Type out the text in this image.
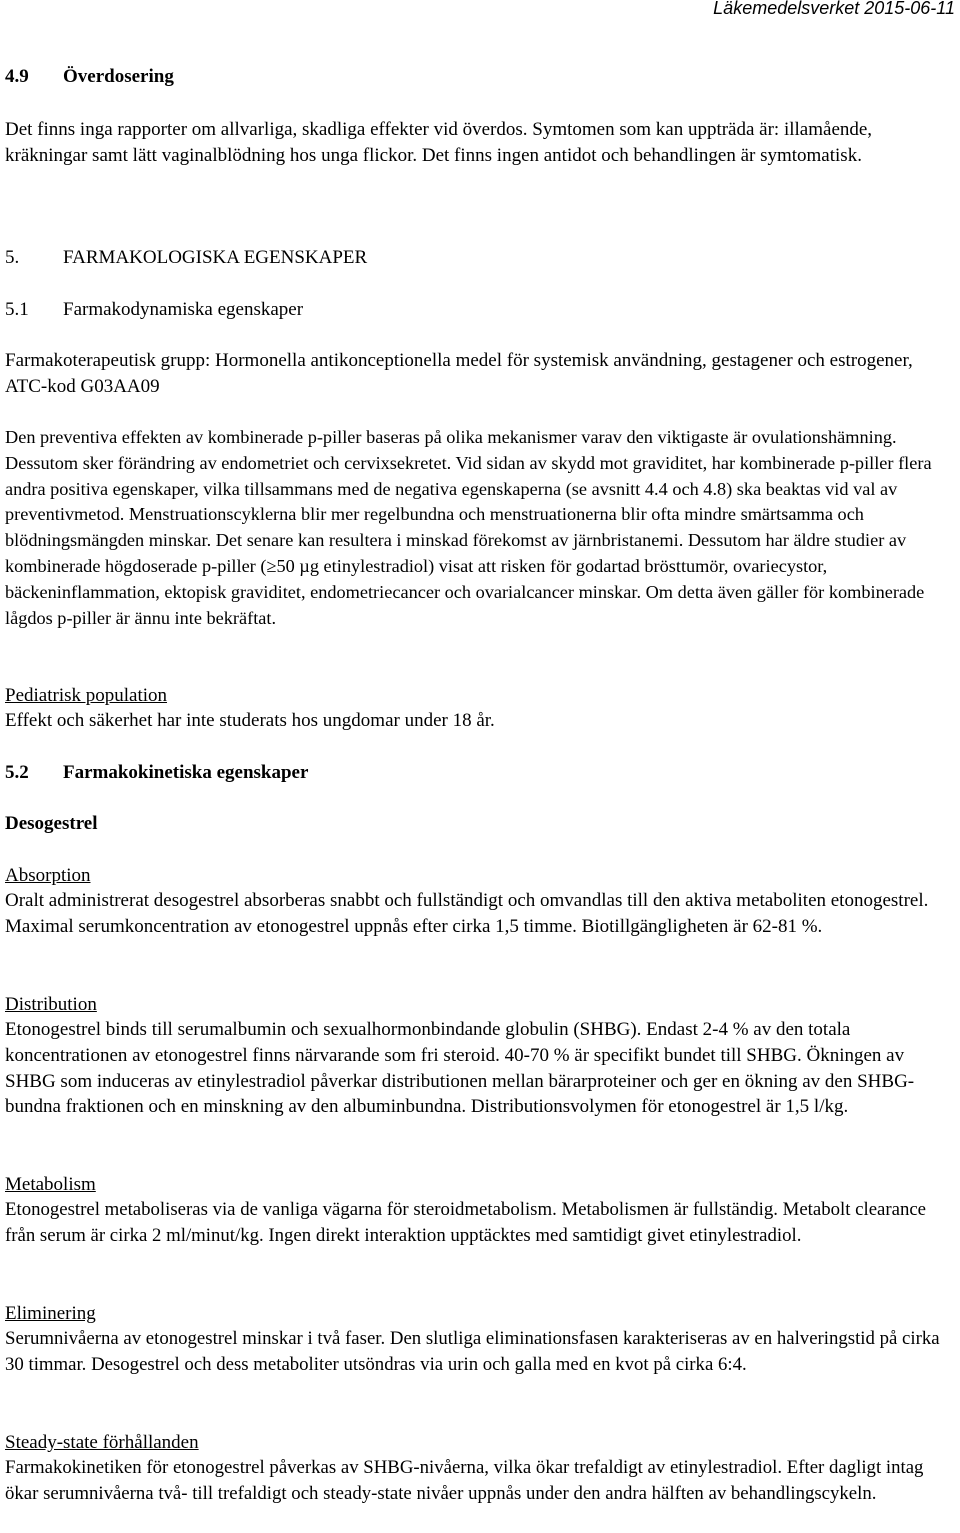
Läkemedelsverket 2015-06-11
4.9 Överdosering
Det finns inga rapporter om allvarliga, skadliga effekter vid överdos. Symtomen som kan uppträda är: illamående, kräkningar samt lätt vaginalblödning hos unga flickor. Det finns ingen antidot och behandlingen är symtomatisk.
5. FARMAKOLOGISKA EGENSKAPER
5.1 Farmakodynamiska egenskaper
Farmakoterapeutisk grupp: Hormonella antikonceptionella medel för systemisk användning, gestagener och estrogener, ATC-kod G03AA09
Den preventiva effekten av kombinerade p-piller baseras på olika mekanismer varav den viktigaste är ovulationshämning. Dessutom sker förändring av endometriet och cervixsekretet. Vid sidan av skydd mot graviditet, har kombinerade p-piller flera andra positiva egenskaper, vilka tillsammans med de negativa egenskaperna (se avsnitt 4.4 och 4.8) ska beaktas vid val av preventivmetod. Menstruationscyklerna blir mer regelbundna och menstruationerna blir ofta mindre smärtsamma och blödningsmängden minskar. Det senare kan resultera i minskad förekomst av järnbristanemi. Dessutom har äldre studier av kombinerade högdoserade p-piller (≥50 µg etinylestradiol) visat att risken för godartad brösttumör, ovariecystor, bäckeninflammation, ektopisk graviditet, endometriecancer och ovarialcancer minskar. Om detta även gäller för kombinerade lågdos p-piller är ännu inte bekräftat.
Pediatrisk population
Effekt och säkerhet har inte studerats hos ungdomar under 18 år.
5.2 Farmakokinetiska egenskaper
Desogestrel
Absorption
Oralt administrerat desogestrel absorberas snabbt och fullständigt och omvandlas till den aktiva metaboliten etonogestrel. Maximal serumkoncentration av etonogestrel uppnås efter cirka 1,5 timme. Biotillgängligheten är 62-81 %.
Distribution
Etonogestrel binds till serumalbumin och sexualhormonbindande globulin (SHBG). Endast 2-4 % av den totala koncentrationen av etonogestrel finns närvarande som fri steroid. 40-70 % är specifikt bundet till SHBG. Ökningen av SHBG som induceras av etinylestradiol påverkar distributionen mellan bärarproteiner och ger en ökning av den SHBG-bundna fraktionen och en minskning av den albuminbundna. Distributionsvolymen för etonogestrel är 1,5 l/kg.
Metabolism
Etonogestrel metaboliseras via de vanliga vägarna för steroidmetabolism. Metabolismen är fullständig. Metabolt clearance från serum är cirka 2 ml/minut/kg. Ingen direkt interaktion upptäcktes med samtidigt givet etinylestradiol.
Eliminering
Serumnivåerna av etonogestrel minskar i två faser. Den slutliga eliminationsfasen karakteriseras av en halveringstid på cirka 30 timmar. Desogestrel och dess metaboliter utsöndras via urin och galla med en kvot på cirka 6:4.
Steady-state förhållanden
Farmakokinetiken för etonogestrel påverkas av SHBG-nivåerna, vilka ökar trefaldigt av etinylestradiol. Efter dagligt intag ökar serumnivåerna två- till trefaldigt och steady-state nivåer uppnås under den andra hälften av behandlingscykeln.
